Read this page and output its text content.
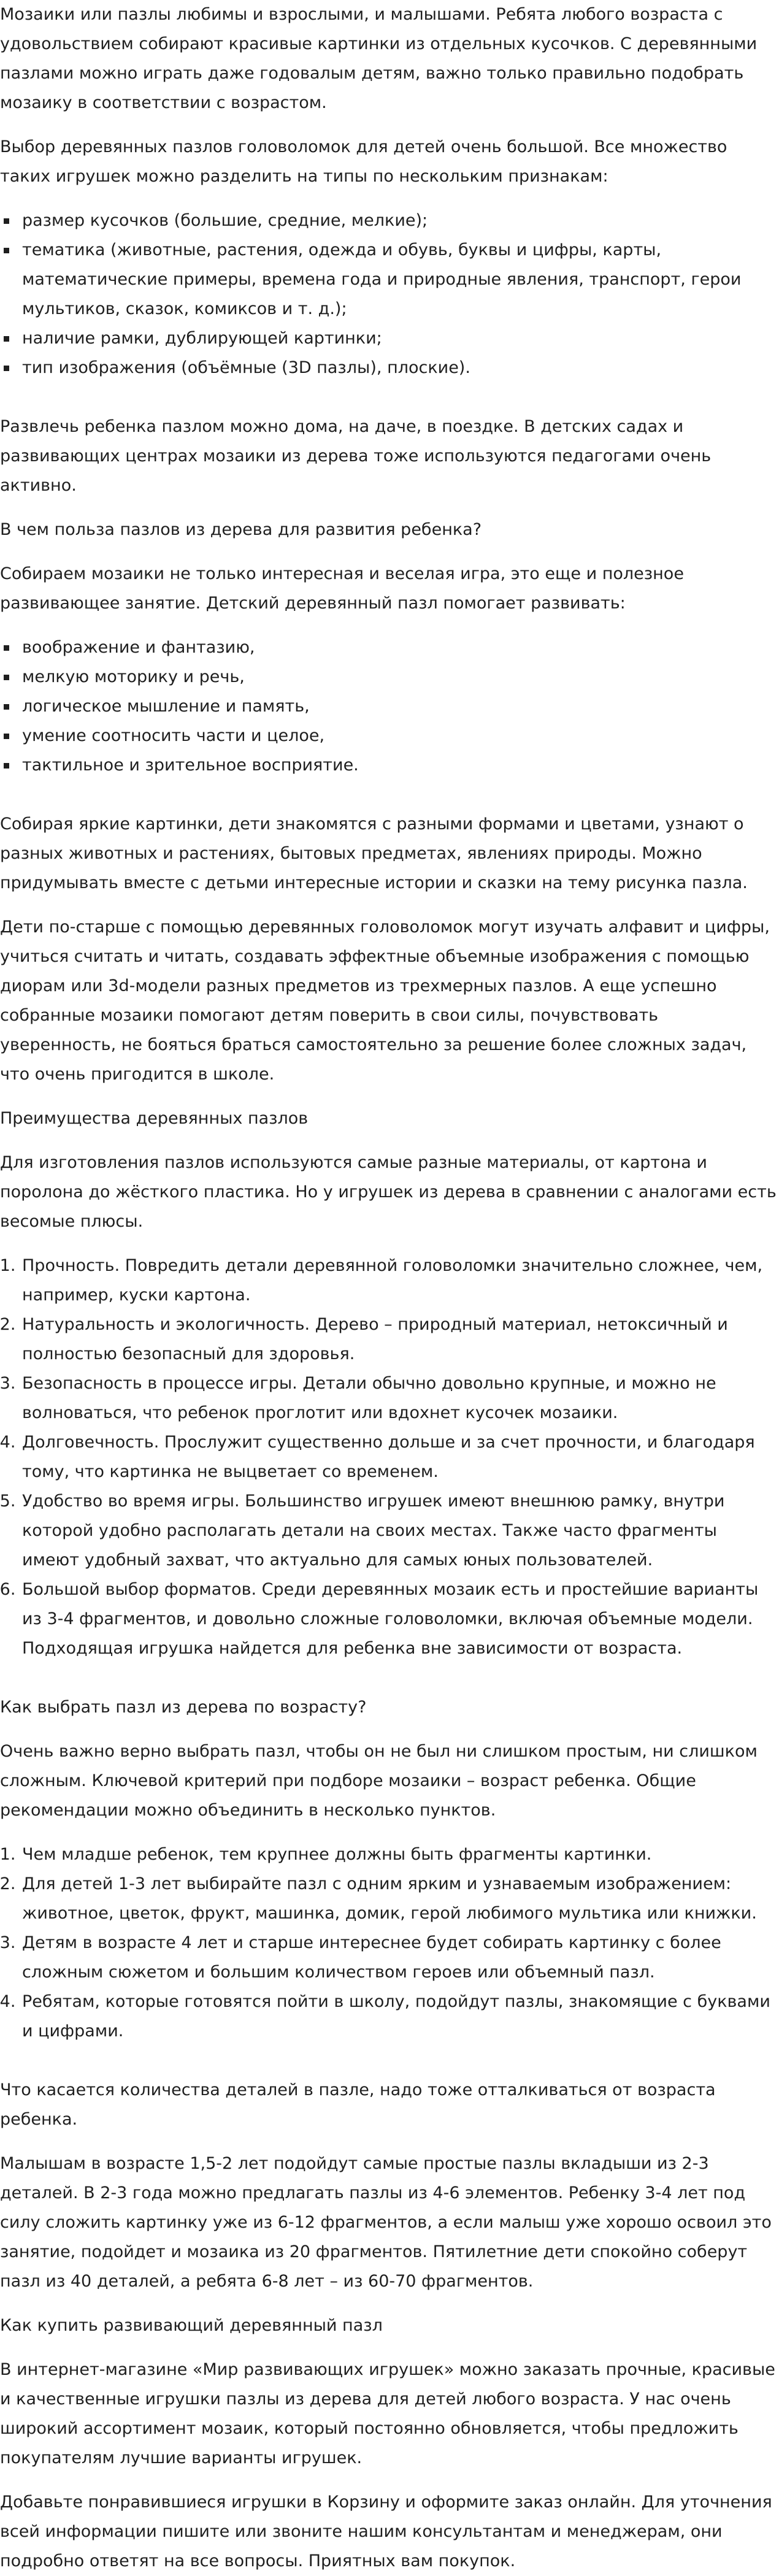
Мозаики или пазлы любимы и взрослыми, и малышами. Ребята любого возраста с удовольствием собирают красивые картинки из отдельных кусочков. С деревянными пазлами можно играть даже годовалым детям, важно только правильно подобрать мозаику в соответствии с возрастом.

Выбор деревянных пазлов головоломок для детей очень большой. Все множество таких игрушек можно разделить на типы по нескольким признакам:

размер кусочков (большие, средние, мелкие);
тематика (животные, растения, одежда и обувь, буквы и цифры, карты, математические примеры, времена года и природные явления, транспорт, герои мультиков, сказок, комиксов и т. д.);
наличие рамки, дублирующей картинки;
тип изображения (объёмные (3D пазлы), плоские).

Развлечь ребенка пазлом можно дома, на даче, в поездке. В детских садах и развивающих центрах мозаики из дерева тоже используются педагогами очень активно.

В чем польза пазлов из дерева для развития ребенка?

Собираем мозаики не только интересная и веселая игра, это еще и полезное развивающее занятие. Детский деревянный пазл помогает развивать:

воображение и фантазию,
мелкую моторику и речь,
логическое мышление и память,
умение соотносить части и целое,
тактильное и зрительное восприятие.

Собирая яркие картинки, дети знакомятся с разными формами и цветами, узнают о разных животных и растениях, бытовых предметах, явлениях природы. Можно придумывать вместе с детьми интересные истории и сказки на тему рисунка пазла.

Дети по-старше с помощью деревянных головоломок могут изучать алфавит и цифры, учиться считать и читать, создавать эффектные объемные изображения с помощью диорам или 3d-модели разных предметов из трехмерных пазлов. А еще успешно собранные мозаики помогают детям поверить в свои силы, почувствовать уверенность, не бояться браться самостоятельно за решение более сложных задач, что очень пригодится в школе.

Преимущества деревянных пазлов

Для изготовления пазлов используются самые разные материалы, от картона и поролона до жёсткого пластика. Но у игрушек из дерева в сравнении с аналогами есть весомые плюсы.

1. Прочность. Повредить детали деревянной головоломки значительно сложнее, чем, например, куски картона.
2. Натуральность и экологичность. Дерево – природный материал, нетоксичный и полностью безопасный для здоровья.
3. Безопасность в процессе игры. Детали обычно довольно крупные, и можно не волноваться, что ребенок проглотит или вдохнет кусочек мозаики.
4. Долговечность. Прослужит существенно дольше и за счет прочности, и благодаря тому, что картинка не выцветает со временем.
5. Удобство во время игры. Большинство игрушек имеют внешнюю рамку, внутри которой удобно располагать детали на своих местах. Также часто фрагменты имеют удобный захват, что актуально для самых юных пользователей.
6. Большой выбор форматов. Среди деревянных мозаик есть и простейшие варианты из 3-4 фрагментов, и довольно сложные головоломки, включая объемные модели. Подходящая игрушка найдется для ребенка вне зависимости от возраста.

Как выбрать пазл из дерева по возрасту?

Очень важно верно выбрать пазл, чтобы он не был ни слишком простым, ни слишком сложным. Ключевой критерий при подборе мозаики – возраст ребенка. Общие рекомендации можно объединить в несколько пунктов.

1. Чем младше ребенок, тем крупнее должны быть фрагменты картинки.
2. Для детей 1-3 лет выбирайте пазл с одним ярким и узнаваемым изображением: животное, цветок, фрукт, машинка, домик, герой любимого мультика или книжки.
3. Детям в возрасте 4 лет и старше интереснее будет собирать картинку с более сложным сюжетом и большим количеством героев или объемный пазл.
4. Ребятам, которые готовятся пойти в школу, подойдут пазлы, знакомящие с буквами и цифрами.

Что касается количества деталей в пазле, надо тоже отталкиваться от возраста ребенка.

Малышам в возрасте 1,5-2 лет подойдут самые простые пазлы вкладыши из 2-3 деталей. В 2-3 года можно предлагать пазлы из 4-6 элементов. Ребенку 3-4 лет под силу сложить картинку уже из 6-12 фрагментов, а если малыш уже хорошо освоил это занятие, подойдет и мозаика из 20 фрагментов. Пятилетние дети спокойно соберут пазл из 40 деталей, а ребята 6-8 лет – из 60-70 фрагментов.

Как купить развивающий деревянный пазл

В интернет-магазине «Мир развивающих игрушек» можно заказать прочные, красивые и качественные игрушки пазлы из дерева для детей любого возраста. У нас очень широкий ассортимент мозаик, который постоянно обновляется, чтобы предложить покупателям лучшие варианты игрушек.

Добавьте понравившиеся игрушки в Корзину и оформите заказ онлайн. Для уточнения всей информации пишите или звоните нашим консультантам и менеджерам, они подробно ответят на все вопросы. Приятных вам покупок.
